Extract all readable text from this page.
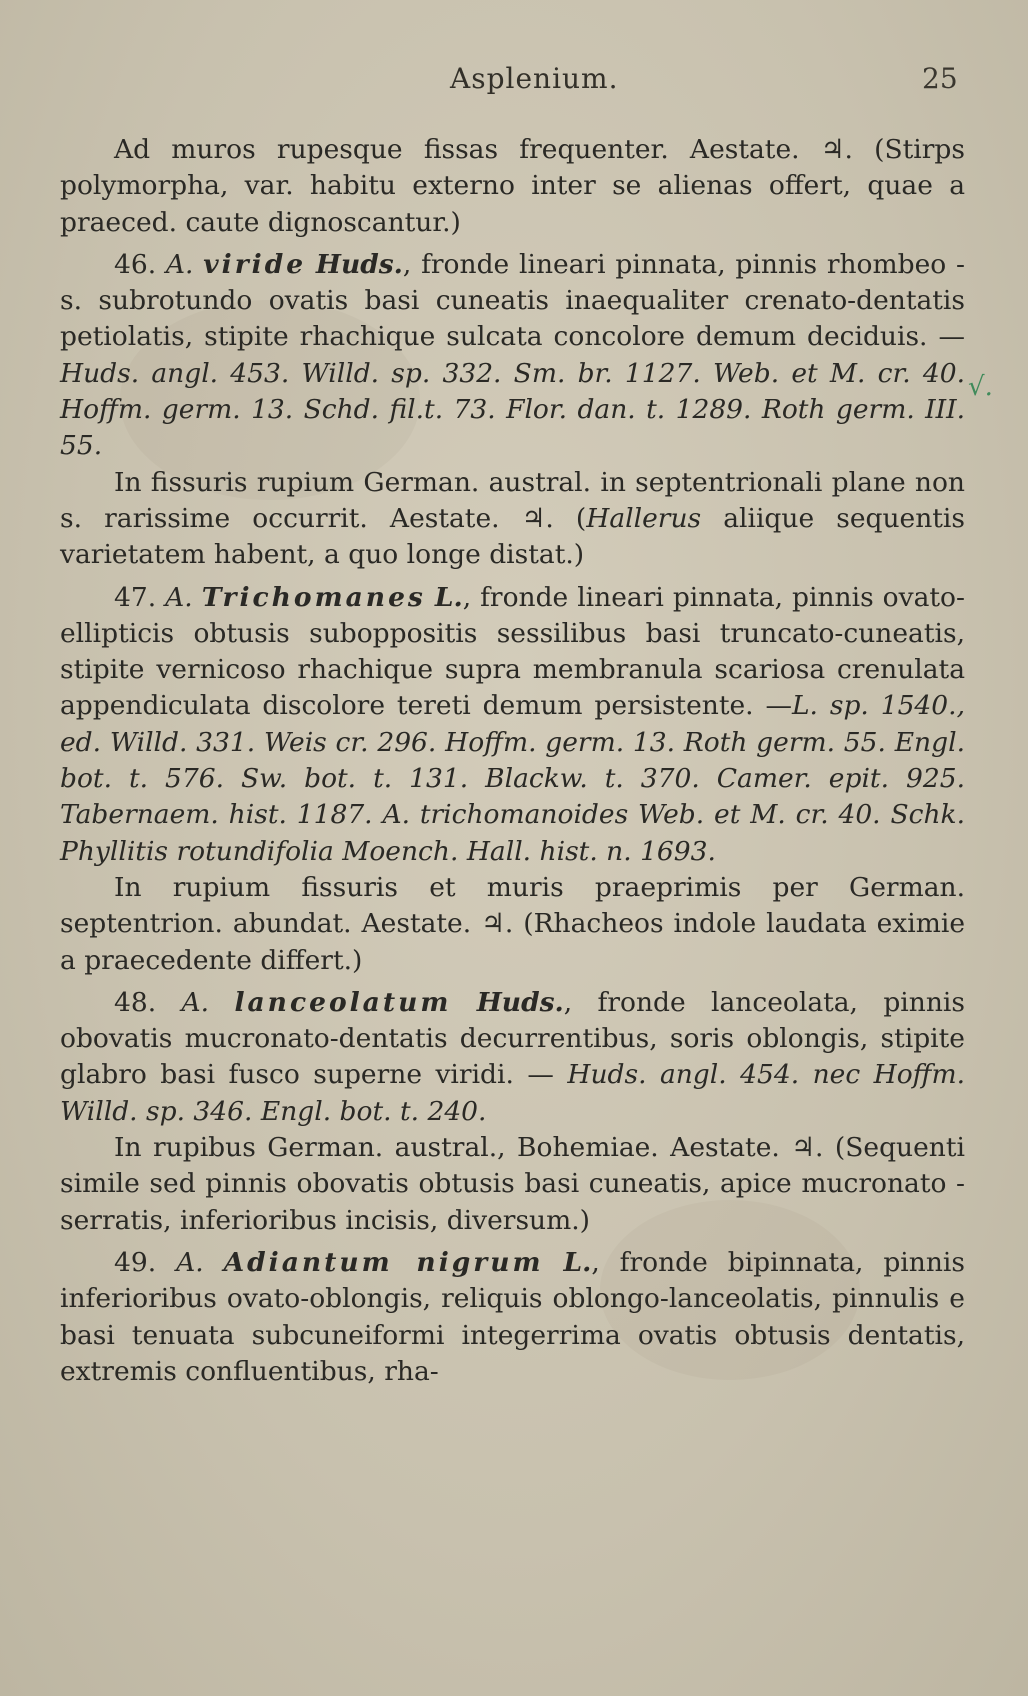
Asplenium.	25
√.

Ad muros rupesque fissas frequenter. Aestate. ♃. (Stirps polymorpha, var. habitu externo inter se alienas offert, quae a praeced. caute dignoscantur.)

46. A. viride Huds., fronde lineari pinnata, pinnis rhombeo - s. subrotundo ovatis basi cuneatis inaequaliter crenato-dentatis petiolatis, stipite rhachique sulcata concolore demum deciduis. — Huds. angl. 453. Willd. sp. 332. Sm. br. 1127. Web. et M. cr. 40. Hoffm. germ. 13. Schd. fil.t. 73. Flor. dan. t. 1289. Roth germ. III. 55.

In fissuris rupium German. austral. in septentrionali plane non s. rarissime occurrit. Aestate. ♃. (Hallerus aliique sequentis varietatem habent, a quo longe distat.)

47. A. Trichomanes L., fronde lineari pinnata, pinnis ovato-ellipticis obtusis suboppositis sessilibus basi truncato-cuneatis, stipite vernicoso rhachique supra membranula scariosa crenulata appendiculata discolore tereti demum persistente. —L. sp. 1540., ed. Willd. 331. Weis cr. 296. Hoffm. germ. 13. Roth germ. 55. Engl. bot. t. 576. Sw. bot. t. 131. Blackw. t. 370. Camer. epit. 925. Tabernaem. hist. 1187. A. trichomanoides Web. et M. cr. 40. Schk. Phyllitis rotundifolia Moench. Hall. hist. n. 1693.

In rupium fissuris et muris praeprimis per German. septentrion. abundat. Aestate. ♃. (Rhacheos indole laudata eximie a praecedente differt.)

48. A. lanceolatum Huds., fronde lanceolata, pinnis obovatis mucronato-dentatis decurrentibus, soris oblongis, stipite glabro basi fusco superne viridi. — Huds. angl. 454. nec Hoffm. Willd. sp. 346. Engl. bot. t. 240.

In rupibus German. austral., Bohemiae. Aestate. ♃. (Sequenti simile sed pinnis obovatis obtusis basi cuneatis, apice mucronato - serratis, inferioribus incisis, diversum.)

49. A. Adiantum nigrum L., fronde bipinnata, pinnis inferioribus ovato-oblongis, reliquis oblongo-lanceolatis, pinnulis e basi tenuata subcuneiformi integerrima ovatis obtusis dentatis, extremis confluentibus, rha-
